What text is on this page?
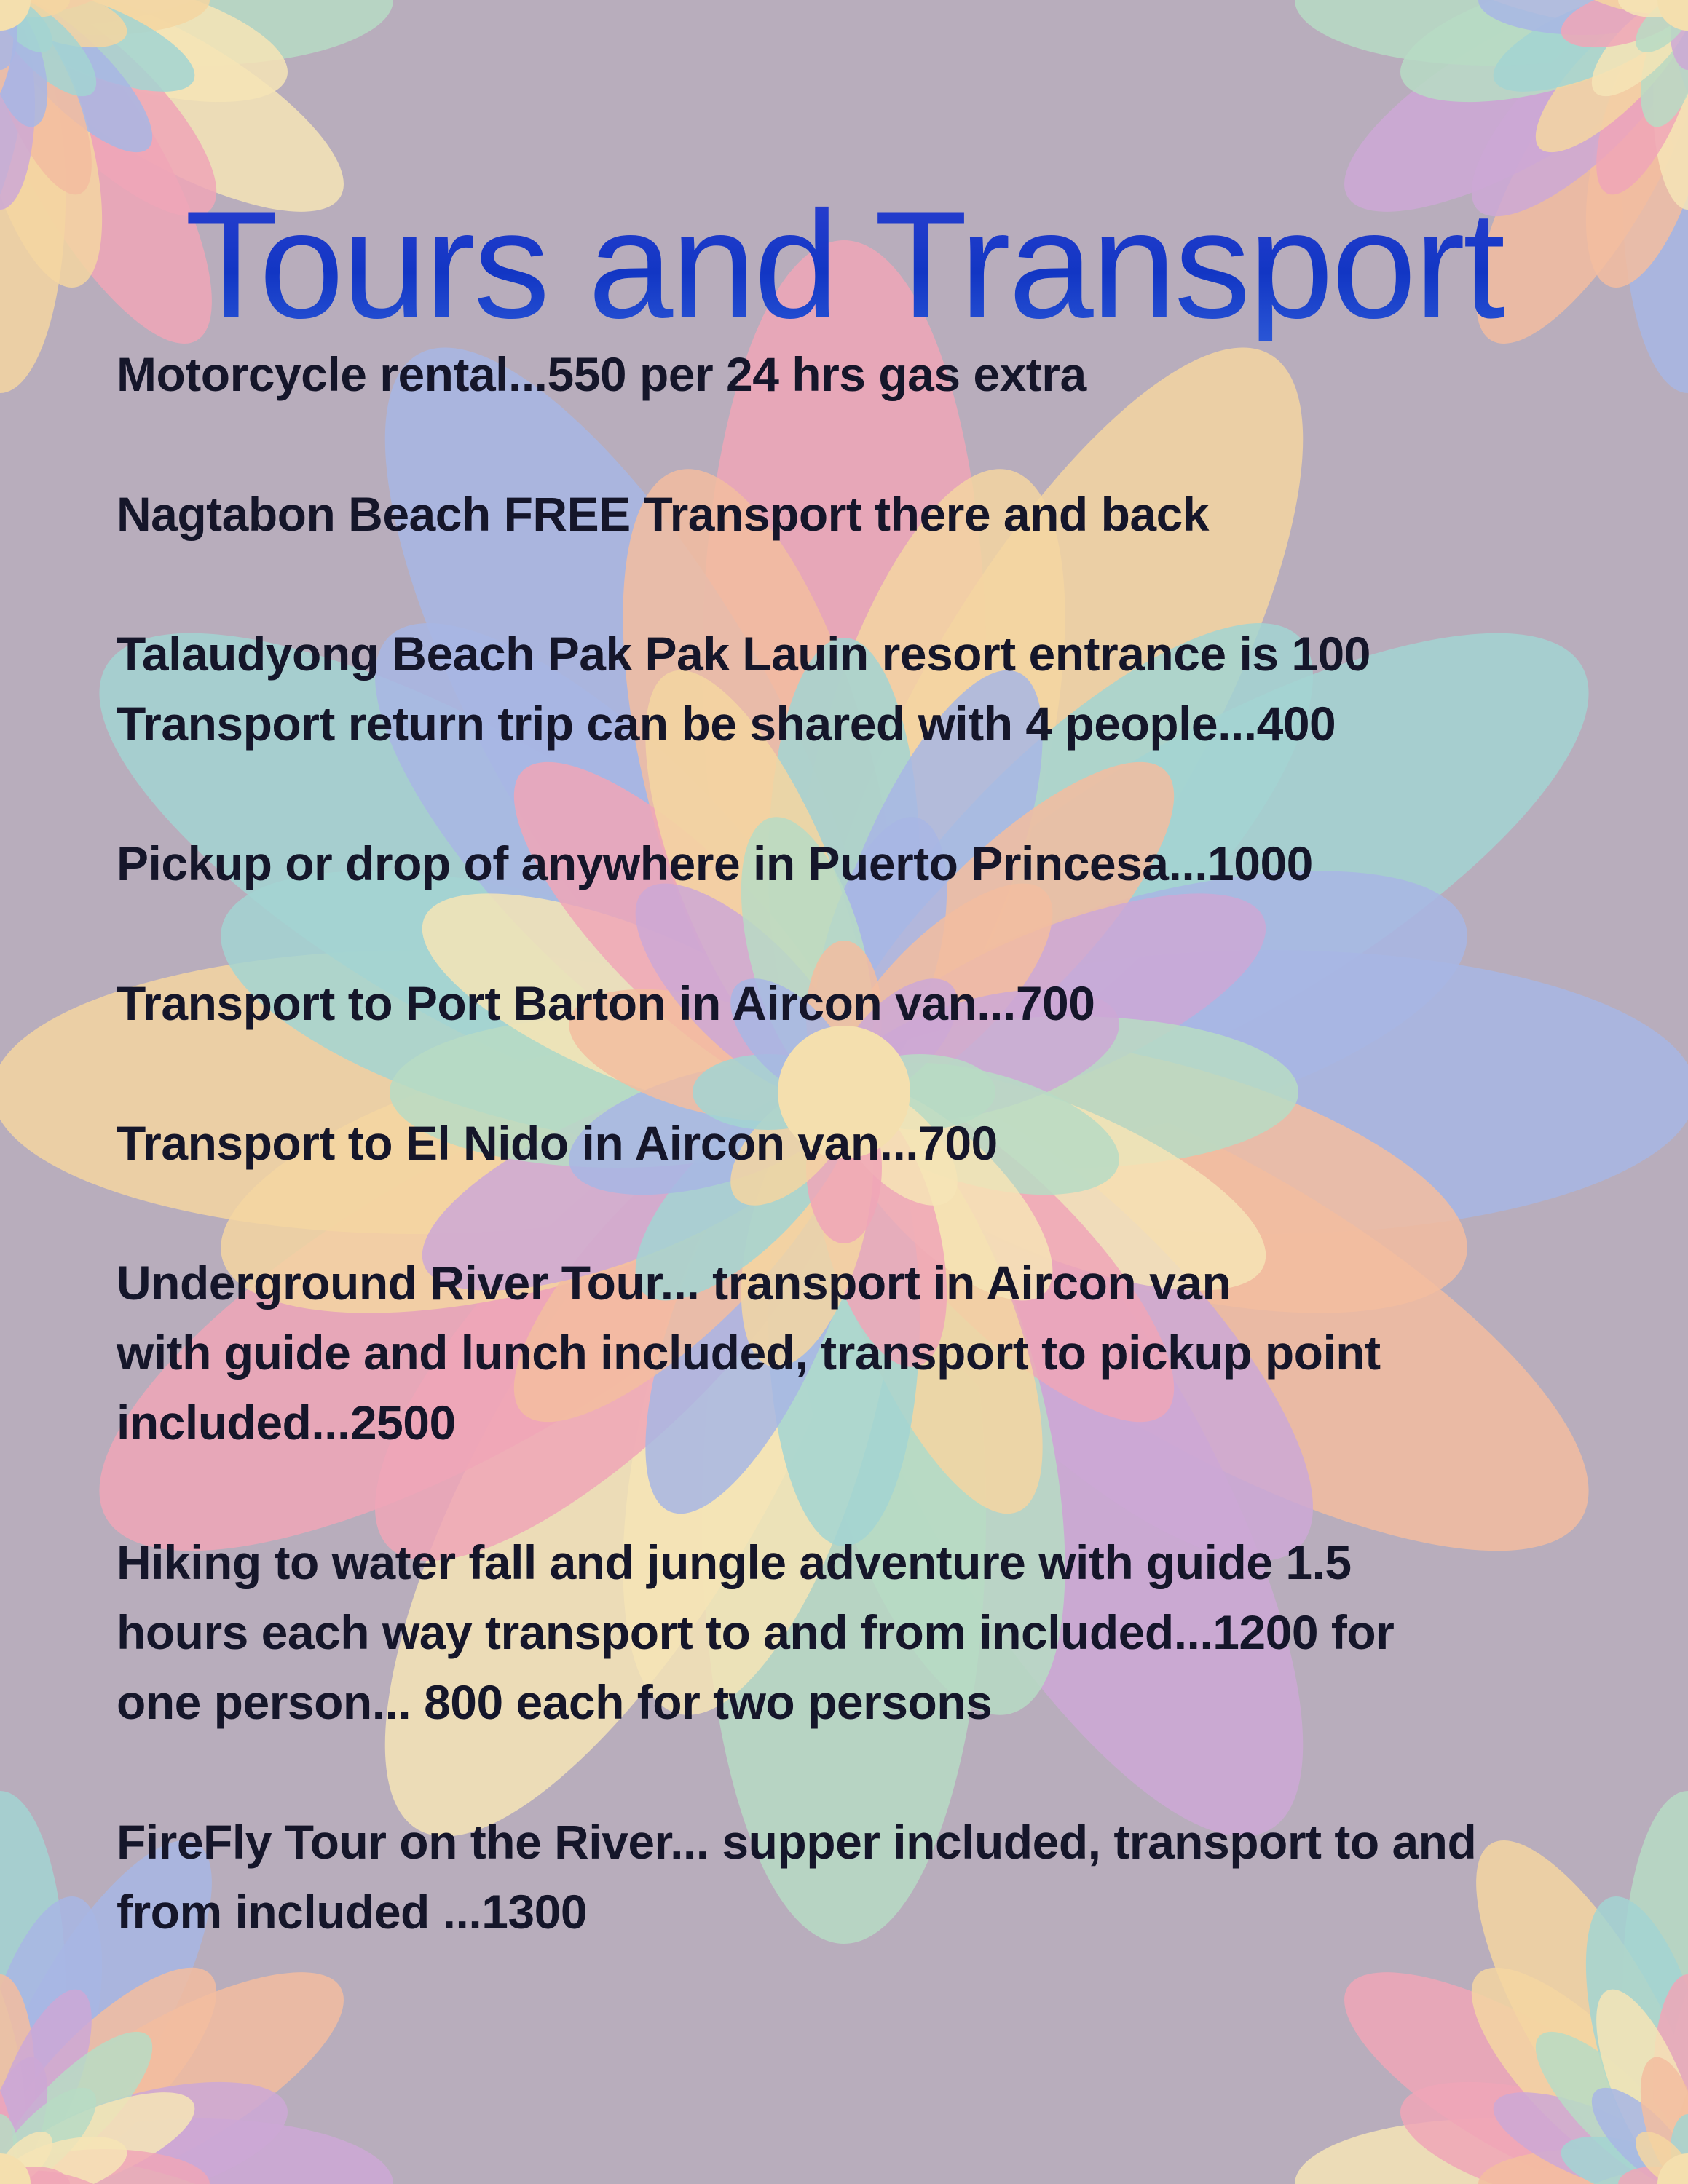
Tours and Transport
Motorcycle rental...550 per 24 hrs gas extra
Nagtabon Beach FREE Transport there and back
Talaudyong Beach Pak Pak Lauin resort entrance is 100
Transport return trip can be shared with 4 people...400
Pickup or drop of anywhere in Puerto Princesa...1000
Transport to Port Barton in Aircon van...700
Transport to El Nido in Aircon van...700
Underground River Tour... transport in Aircon van
with guide and lunch included, transport to pickup point
included...2500
Hiking to water fall and jungle adventure with guide 1.5
hours each way transport to and from included...1200 for
one person... 800 each for two persons
FireFly Tour on the River... supper included, transport to and
from included ...1300
